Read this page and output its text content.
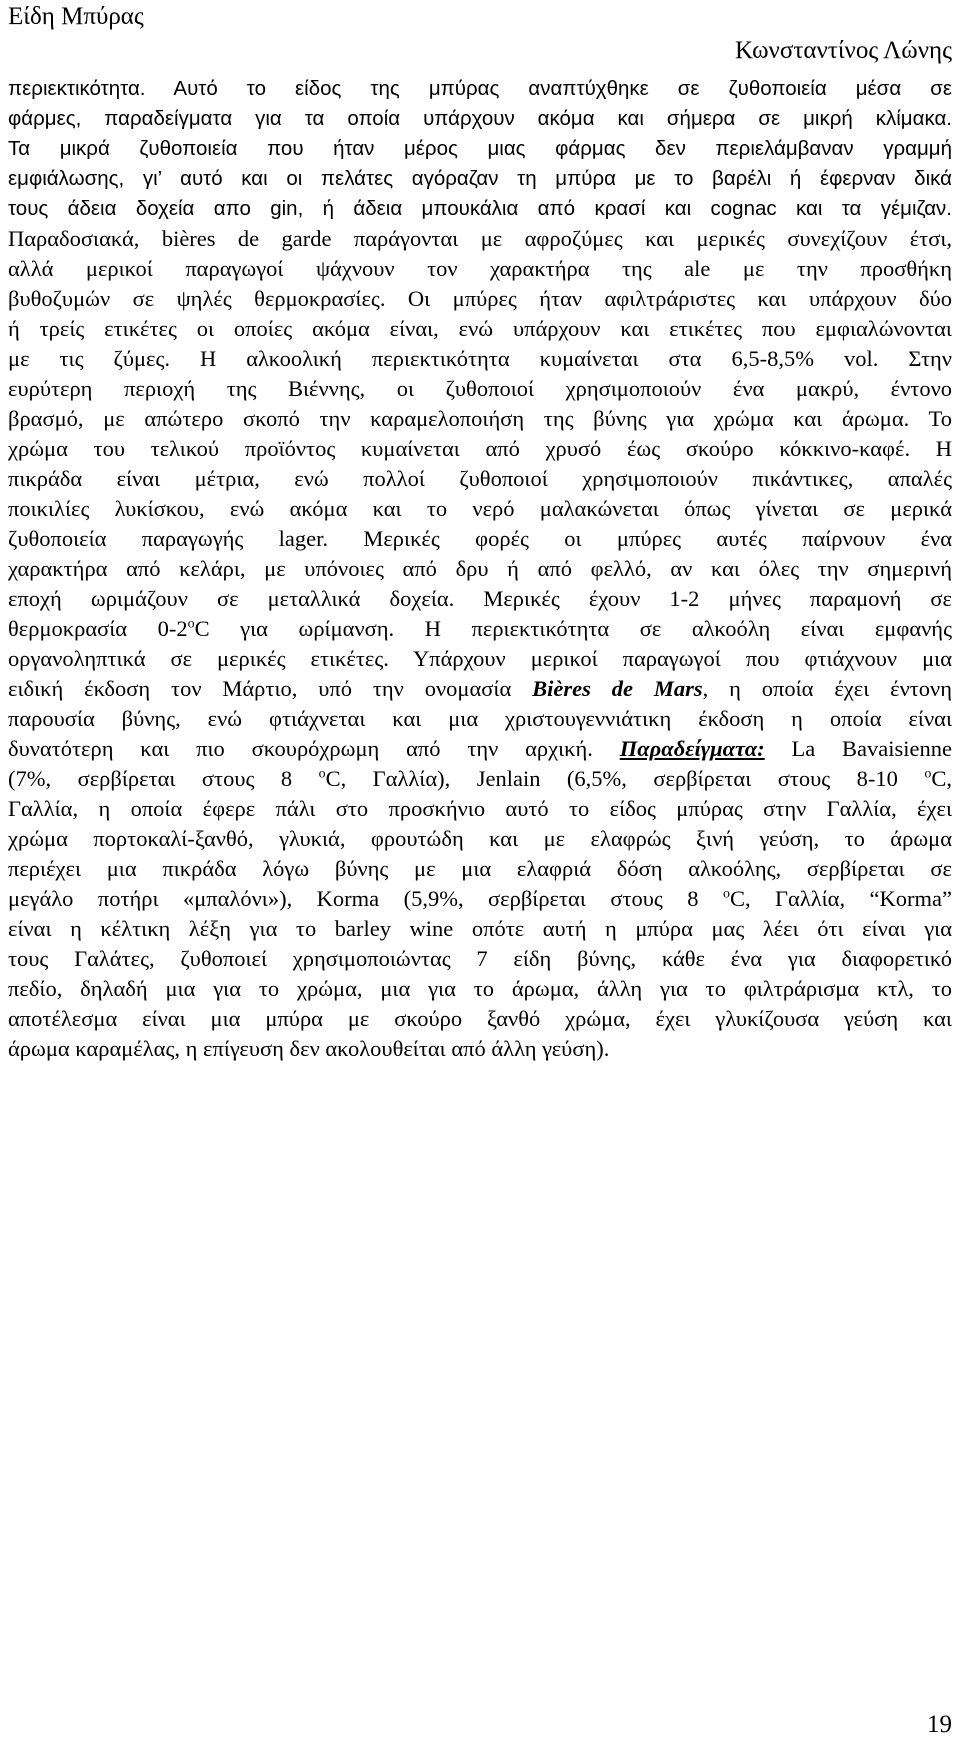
Είδη Μπύρας

Κωνσταντίνος Λώνης

περιεκτικότητα. Αυτό το είδος της μπύρας αναπτύχθηκε σε ζυθοποιεία μέσα σε
φάρμες, παραδείγματα για τα οποία υπάρχουν ακόμα και σήμερα σε μικρή κλίμακα.
Τα μικρά ζυθοποιεία που ήταν μέρος μιας φάρμας δεν περιελάμβαναν γραμμή
εμφιάλωσης, γι’ αυτό και οι πελάτες αγόραζαν τη μπύρα με το βαρέλι ή έφερναν δικά
τους άδεια δοχεία απο gin, ή άδεια μπουκάλια από κρασί και cognac και τα γέμιζαν.
Παραδοσιακά, bières de garde παράγονται με αφροζύμες και μερικές συνεχίζουν έτσι,
αλλά μερικοί παραγωγοί ψάχνουν τον χαρακτήρα της ale με την προσθήκη
βυθοζυμών σε ψηλές θερμοκρασίες. Οι μπύρες ήταν αφιλτράριστες και υπάρχουν δύο
ή τρείς ετικέτες οι οποίες ακόμα είναι, ενώ υπάρχουν και ετικέτες που εμφιαλώνονται
με τις ζύμες. Η αλκοολική περιεκτικότητα κυμαίνεται στα 6,5-8,5% vol. Στην
ευρύτερη περιοχή της Βιέννης, οι ζυθοποιοί χρησιμοποιούν ένα μακρύ, έντονο
βρασμό, με απώτερο σκοπό την καραμελοποιήση της βύνης για χρώμα και άρωμα. Το
χρώμα του τελικού προϊόντος κυμαίνεται από χρυσό έως σκούρο κόκκινο-καφέ. Η
πικράδα είναι μέτρια, ενώ πολλοί ζυθοποιοί χρησιμοποιούν πικάντικες, απαλές
ποικιλίες λυκίσκου, ενώ ακόμα και το νερό μαλακώνεται όπως γίνεται σε μερικά
ζυθοποιεία παραγωγής lager. Μερικές φορές οι μπύρες αυτές παίρνουν ένα
χαρακτήρα από κελάρι, με υπόνοιες από δρυ ή από φελλό, αν και όλες την σημερινή
εποχή ωριμάζουν σε μεταλλικά δοχεία. Μερικές έχουν 1-2 μήνες παραμονή σε
θερμοκρασία 0-2$^o$C για ωρίμανση. Η περιεκτικότητα σε αλκοόλη είναι εμφανής
οργανοληπτικά σε μερικές ετικέτες. Υπάρχουν μερικοί παραγωγοί που φτιάχνουν μια
ειδική έκδοση τον Μάρτιο, υπό την ονομασία Bières de Mars, η οποία έχει έντονη
παρουσία βύνης, ενώ φτιάχνεται και μια χριστουγεννιάτικη έκδοση η οποία είναι
δυνατότερη και πιο σκουρόχρωμη από την αρχική. Παραδείγματα: La Bavaisienne
(7%, σερβίρεται στους 8 $^o$C, Γαλλία), Jenlain (6,5%, σερβίρεται στους 8-10 $^o$C,
Γαλλία, η οποία έφερε πάλι στο προσκήνιο αυτό το είδος μπύρας στην Γαλλία, έχει
χρώμα πορτοκαλί-ξανθό, γλυκιά, φρουτώδη και με ελαφρώς ξινή γεύση, το άρωμα
περιέχει μια πικράδα λόγω βύνης με μια ελαφριά δόση αλκοόλης, σερβίρεται σε
μεγάλο ποτήρι «μπαλόνι»), Korma (5,9%, σερβίρεται στους 8 $^o$C, Γαλλία, “Korma”
είναι η κέλτικη λέξη για το barley wine οπότε αυτή η μπύρα μας λέει ότι είναι για
τους Γαλάτες, ζυθοποιεί χρησιμοποιώντας 7 είδη βύνης, κάθε ένα για διαφορετικό
πεδίο, δηλαδή μια για το χρώμα, μια για το άρωμα, άλλη για το φιλτράρισμα κτλ, το
αποτέλεσμα είναι μια μπύρα με σκούρο ξανθό χρώμα, έχει γλυκίζουσα γεύση και
άρωμα καραμέλας, η επίγευση δεν ακολουθείται από άλλη γεύση).

19
